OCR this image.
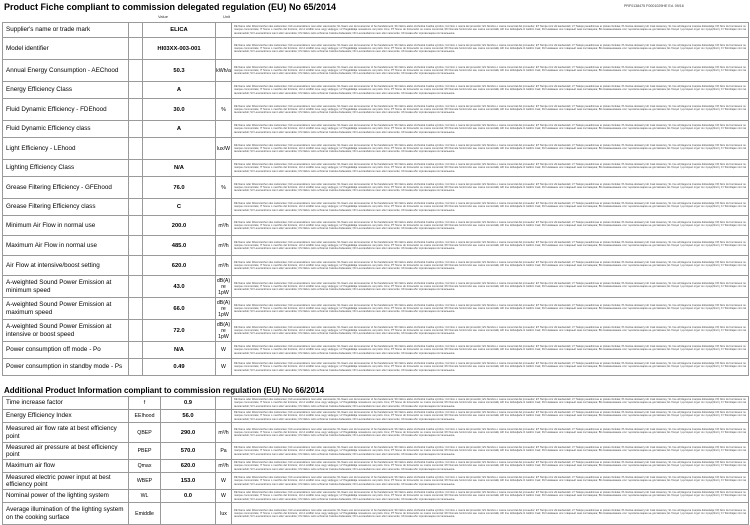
Product Fiche compliant to commission delegated regulation (EU) No 65/2014	PRF0138475 F0001029HE Ed. 09/16
Value	Unit
Supplier's name or trade mark		ELICA		DE Name oder Warenzeichen des Lieferanten; DA Leverandørens navn eller varemærke; NL Naam van de leverancier of het handelsmerk; SK Názov alebo obchodná značka výrobcu; CA Nom o marca del proveïdor; ES Nombre o marca comercial del proveedor; ET Tarnija nimi või kaubamärk; LT Tiekėjo pavadinimas ar prekės ženklas; PL Nazwa dostawcy lub znak towarowy; SL Ime ali blagovna znamka dobavitelja; FR Nom du fournisseur ou marque commerciale; IT Nome o marchio del fornitore; HU A szállító neve vagy védjegye; LV Piegādātāja nosaukums vai preču zīme; PT Nome do fornecedor ou marca comercial; RO Numele furnizorului sau marca comercială; HR Ime dobavljača ili zaštitni znak; RU Название или товарный знак поставщика; BG Наименование или търговска марка на доставчика; EL Όνομα ή εμπορικό σήμα του προμηθευτή; FI Toimittajan nimi tai tavaramerkki; SV Leverantörens namn eller varumärke; CS Název nebo ochranná známka dodavatele; NO Leverandørens navn eller varemerke; UK Назва або торгова марка постачальника.

Model identifier		HI03XX-003-001		DE Name oder Warenzeichen des Lieferanten; DA Leverandørens navn eller varemærke; NL Naam van de leverancier of het handelsmerk; SK Názov alebo obchodná značka výrobcu; CA Nom o marca del proveïdor; ES Nombre o marca comercial del proveedor; ET Tarnija nimi või kaubamärk; LT Tiekėjo pavadinimas ar prekės ženklas; PL Nazwa dostawcy lub znak towarowy; SL Ime ali blagovna znamka dobavitelja; FR Nom du fournisseur ou marque commerciale; IT Nome o marchio del fornitore; HU A szállító neve vagy védjegye; LV Piegādātāja nosaukums vai preču zīme; PT Nome do fornecedor ou marca comercial; RO Numele furnizorului sau marca comercială; HR Ime dobavljača ili zaštitni znak; RU Название или товарный знак поставщика; BG Наименование или търговска марка на доставчика; EL Όνομα ή εμπορικό σήμα του προμηθευτή; FI Toimittajan nimi tai tavaramerkki; SV Leverantörens namn eller varumärke; CS Název nebo ochranná známka dodavatele; NO Leverandørens navn eller varemerke; UK Назва або торгова марка постачальника.

Annual Energy Consumption - AEChood		50.3	kWh/a	DE Name oder Warenzeichen des Lieferanten; DA Leverandørens navn eller varemærke; NL Naam van de leverancier of het handelsmerk; SK Názov alebo obchodná značka výrobcu; CA Nom o marca del proveïdor; ES Nombre o marca comercial del proveedor; ET Tarnija nimi või kaubamärk; LT Tiekėjo pavadinimas ar prekės ženklas; PL Nazwa dostawcy lub znak towarowy; SL Ime ali blagovna znamka dobavitelja; FR Nom du fournisseur ou marque commerciale; IT Nome o marchio del fornitore; HU A szállító neve vagy védjegye; LV Piegādātāja nosaukums vai preču zīme; PT Nome do fornecedor ou marca comercial; RO Numele furnizorului sau marca comercială; HR Ime dobavljača ili zaštitni znak; RU Название или товарный знак поставщика; BG Наименование или търговска марка на доставчика; EL Όνομα ή εμπορικό σήμα του προμηθευτή; FI Toimittajan nimi tai tavaramerkki; SV Leverantörens namn eller varumärke; CS Název nebo ochranná známka dodavatele; NO Leverandørens navn eller varemerke; UK Назва або торгова марка постачальника.

Energy Efficiency Class		A		DE Name oder Warenzeichen des Lieferanten; DA Leverandørens navn eller varemærke; NL Naam van de leverancier of het handelsmerk; SK Názov alebo obchodná značka výrobcu; CA Nom o marca del proveïdor; ES Nombre o marca comercial del proveedor; ET Tarnija nimi või kaubamärk; LT Tiekėjo pavadinimas ar prekės ženklas; PL Nazwa dostawcy lub znak towarowy; SL Ime ali blagovna znamka dobavitelja; FR Nom du fournisseur ou marque commerciale; IT Nome o marchio del fornitore; HU A szállító neve vagy védjegye; LV Piegādātāja nosaukums vai preču zīme; PT Nome do fornecedor ou marca comercial; RO Numele furnizorului sau marca comercială; HR Ime dobavljača ili zaštitni znak; RU Название или товарный знак поставщика; BG Наименование или търговска марка на доставчика; EL Όνομα ή εμπορικό σήμα του προμηθευτή; FI Toimittajan nimi tai tavaramerkki; SV Leverantörens namn eller varumärke; CS Název nebo ochranná známka dodavatele; NO Leverandørens navn eller varemerke; UK Назва або торгова марка постачальника.

Fluid Dynamic Efficiency - FDEhood		30.0	%	DE Name oder Warenzeichen des Lieferanten; DA Leverandørens navn eller varemærke; NL Naam van de leverancier of het handelsmerk; SK Názov alebo obchodná značka výrobcu; CA Nom o marca del proveïdor; ES Nombre o marca comercial del proveedor; ET Tarnija nimi või kaubamärk; LT Tiekėjo pavadinimas ar prekės ženklas; PL Nazwa dostawcy lub znak towarowy; SL Ime ali blagovna znamka dobavitelja; FR Nom du fournisseur ou marque commerciale; IT Nome o marchio del fornitore; HU A szállító neve vagy védjegye; LV Piegādātāja nosaukums vai preču zīme; PT Nome do fornecedor ou marca comercial; RO Numele furnizorului sau marca comercială; HR Ime dobavljača ili zaštitni znak; RU Название или товарный знак поставщика; BG Наименование или търговска марка на доставчика; EL Όνομα ή εμπορικό σήμα του προμηθευτή; FI Toimittajan nimi tai tavaramerkki; SV Leverantörens namn eller varumärke; CS Název nebo ochranná známka dodavatele; NO Leverandørens navn eller varemerke; UK Назва або торгова марка постачальника.

Fluid Dynamic Efficiency class		A		DE Name oder Warenzeichen des Lieferanten; DA Leverandørens navn eller varemærke; NL Naam van de leverancier of het handelsmerk; SK Názov alebo obchodná značka výrobcu; CA Nom o marca del proveïdor; ES Nombre o marca comercial del proveedor; ET Tarnija nimi või kaubamärk; LT Tiekėjo pavadinimas ar prekės ženklas; PL Nazwa dostawcy lub znak towarowy; SL Ime ali blagovna znamka dobavitelja; FR Nom du fournisseur ou marque commerciale; IT Nome o marchio del fornitore; HU A szállító neve vagy védjegye; LV Piegādātāja nosaukums vai preču zīme; PT Nome do fornecedor ou marca comercial; RO Numele furnizorului sau marca comercială; HR Ime dobavljača ili zaštitni znak; RU Название или товарный знак поставщика; BG Наименование или търговска марка на доставчика; EL Όνομα ή εμπορικό σήμα του προμηθευτή; FI Toimittajan nimi tai tavaramerkki; SV Leverantörens namn eller varumärke; CS Název nebo ochranná známka dodavatele; NO Leverandørens navn eller varemerke; UK Назва або торгова марка постачальника.

Light Efficiency - LEhood			lux/W	DE Name oder Warenzeichen des Lieferanten; DA Leverandørens navn eller varemærke; NL Naam van de leverancier of het handelsmerk; SK Názov alebo obchodná značka výrobcu; CA Nom o marca del proveïdor; ES Nombre o marca comercial del proveedor; ET Tarnija nimi või kaubamärk; LT Tiekėjo pavadinimas ar prekės ženklas; PL Nazwa dostawcy lub znak towarowy; SL Ime ali blagovna znamka dobavitelja; FR Nom du fournisseur ou marque commerciale; IT Nome o marchio del fornitore; HU A szállító neve vagy védjegye; LV Piegādātāja nosaukums vai preču zīme; PT Nome do fornecedor ou marca comercial; RO Numele furnizorului sau marca comercială; HR Ime dobavljača ili zaštitni znak; RU Название или товарный знак поставщика; BG Наименование или търговска марка на доставчика; EL Όνομα ή εμπορικό σήμα του προμηθευτή; FI Toimittajan nimi tai tavaramerkki; SV Leverantörens namn eller varumärke; CS Název nebo ochranná známka dodavatele; NO Leverandørens navn eller varemerke; UK Назва або торгова марка постачальника.

Lighting Efficiency Class		N/A		DE Name oder Warenzeichen des Lieferanten; DA Leverandørens navn eller varemærke; NL Naam van de leverancier of het handelsmerk; SK Názov alebo obchodná značka výrobcu; CA Nom o marca del proveïdor; ES Nombre o marca comercial del proveedor; ET Tarnija nimi või kaubamärk; LT Tiekėjo pavadinimas ar prekės ženklas; PL Nazwa dostawcy lub znak towarowy; SL Ime ali blagovna znamka dobavitelja; FR Nom du fournisseur ou marque commerciale; IT Nome o marchio del fornitore; HU A szállító neve vagy védjegye; LV Piegādātāja nosaukums vai preču zīme; PT Nome do fornecedor ou marca comercial; RO Numele furnizorului sau marca comercială; HR Ime dobavljača ili zaštitni znak; RU Название или товарный знак поставщика; BG Наименование или търговска марка на доставчика; EL Όνομα ή εμπορικό σήμα του προμηθευτή; FI Toimittajan nimi tai tavaramerkki; SV Leverantörens namn eller varumärke; CS Název nebo ochranná známka dodavatele; NO Leverandørens navn eller varemerke; UK Назва або торгова марка постачальника.

Grease Filtering Efficiency - GFEhood		76.0	%	DE Name oder Warenzeichen des Lieferanten; DA Leverandørens navn eller varemærke; NL Naam van de leverancier of het handelsmerk; SK Názov alebo obchodná značka výrobcu; CA Nom o marca del proveïdor; ES Nombre o marca comercial del proveedor; ET Tarnija nimi või kaubamärk; LT Tiekėjo pavadinimas ar prekės ženklas; PL Nazwa dostawcy lub znak towarowy; SL Ime ali blagovna znamka dobavitelja; FR Nom du fournisseur ou marque commerciale; IT Nome o marchio del fornitore; HU A szállító neve vagy védjegye; LV Piegādātāja nosaukums vai preču zīme; PT Nome do fornecedor ou marca comercial; RO Numele furnizorului sau marca comercială; HR Ime dobavljača ili zaštitni znak; RU Название или товарный знак поставщика; BG Наименование или търговска марка на доставчика; EL Όνομα ή εμπορικό σήμα του προμηθευτή; FI Toimittajan nimi tai tavaramerkki; SV Leverantörens namn eller varumärke; CS Název nebo ochranná známka dodavatele; NO Leverandørens navn eller varemerke; UK Назва або торгова марка постачальника.

Grease Filtering Efficiency class		C		DE Name oder Warenzeichen des Lieferanten; DA Leverandørens navn eller varemærke; NL Naam van de leverancier of het handelsmerk; SK Názov alebo obchodná značka výrobcu; CA Nom o marca del proveïdor; ES Nombre o marca comercial del proveedor; ET Tarnija nimi või kaubamärk; LT Tiekėjo pavadinimas ar prekės ženklas; PL Nazwa dostawcy lub znak towarowy; SL Ime ali blagovna znamka dobavitelja; FR Nom du fournisseur ou marque commerciale; IT Nome o marchio del fornitore; HU A szállító neve vagy védjegye; LV Piegādātāja nosaukums vai preču zīme; PT Nome do fornecedor ou marca comercial; RO Numele furnizorului sau marca comercială; HR Ime dobavljača ili zaštitni znak; RU Название или товарный знак поставщика; BG Наименование или търговска марка на доставчика; EL Όνομα ή εμπορικό σήμα του προμηθευτή; FI Toimittajan nimi tai tavaramerkki; SV Leverantörens namn eller varumärke; CS Název nebo ochranná známka dodavatele; NO Leverandørens navn eller varemerke; UK Назва або торгова марка постачальника.

Minimum Air Flow in normal use		200.0	m³/h	DE Name oder Warenzeichen des Lieferanten; DA Leverandørens navn eller varemærke; NL Naam van de leverancier of het handelsmerk; SK Názov alebo obchodná značka výrobcu; CA Nom o marca del proveïdor; ES Nombre o marca comercial del proveedor; ET Tarnija nimi või kaubamärk; LT Tiekėjo pavadinimas ar prekės ženklas; PL Nazwa dostawcy lub znak towarowy; SL Ime ali blagovna znamka dobavitelja; FR Nom du fournisseur ou marque commerciale; IT Nome o marchio del fornitore; HU A szállító neve vagy védjegye; LV Piegādātāja nosaukums vai preču zīme; PT Nome do fornecedor ou marca comercial; RO Numele furnizorului sau marca comercială; HR Ime dobavljača ili zaštitni znak; RU Название или товарный знак поставщика; BG Наименование или търговска марка на доставчика; EL Όνομα ή εμπορικό σήμα του προμηθευτή; FI Toimittajan nimi tai tavaramerkki; SV Leverantörens namn eller varumärke; CS Název nebo ochranná známka dodavatele; NO Leverandørens navn eller varemerke; UK Назва або торгова марка постачальника.

Maximum Air Flow in normal use		485.0	m³/h	DE Name oder Warenzeichen des Lieferanten; DA Leverandørens navn eller varemærke; NL Naam van de leverancier of het handelsmerk; SK Názov alebo obchodná značka výrobcu; CA Nom o marca del proveïdor; ES Nombre o marca comercial del proveedor; ET Tarnija nimi või kaubamärk; LT Tiekėjo pavadinimas ar prekės ženklas; PL Nazwa dostawcy lub znak towarowy; SL Ime ali blagovna znamka dobavitelja; FR Nom du fournisseur ou marque commerciale; IT Nome o marchio del fornitore; HU A szállító neve vagy védjegye; LV Piegādātāja nosaukums vai preču zīme; PT Nome do fornecedor ou marca comercial; RO Numele furnizorului sau marca comercială; HR Ime dobavljača ili zaštitni znak; RU Название или товарный знак поставщика; BG Наименование или търговска марка на доставчика; EL Όνομα ή εμπορικό σήμα του προμηθευτή; FI Toimittajan nimi tai tavaramerkki; SV Leverantörens namn eller varumärke; CS Název nebo ochranná známka dodavatele; NO Leverandørens navn eller varemerke; UK Назва або торгова марка постачальника.

Air Flow at intensive/boost setting		620.0	m³/h	DE Name oder Warenzeichen des Lieferanten; DA Leverandørens navn eller varemærke; NL Naam van de leverancier of het handelsmerk; SK Názov alebo obchodná značka výrobcu; CA Nom o marca del proveïdor; ES Nombre o marca comercial del proveedor; ET Tarnija nimi või kaubamärk; LT Tiekėjo pavadinimas ar prekės ženklas; PL Nazwa dostawcy lub znak towarowy; SL Ime ali blagovna znamka dobavitelja; FR Nom du fournisseur ou marque commerciale; IT Nome o marchio del fornitore; HU A szállító neve vagy védjegye; LV Piegādātāja nosaukums vai preču zīme; PT Nome do fornecedor ou marca comercial; RO Numele furnizorului sau marca comercială; HR Ime dobavljača ili zaštitni znak; RU Название или товарный знак поставщика; BG Наименование или търговска марка на доставчика; EL Όνομα ή εμπορικό σήμα του προμηθευτή; FI Toimittajan nimi tai tavaramerkki; SV Leverantörens namn eller varumärke; CS Název nebo ochranná známka dodavatele; NO Leverandørens navn eller varemerke; UK Назва або торгова марка постачальника.

A-weighted Sound Power Emission at minimum speed		43.0	dB(A) re 1pW	DE Name oder Warenzeichen des Lieferanten; DA Leverandørens navn eller varemærke; NL Naam van de leverancier of het handelsmerk; SK Názov alebo obchodná značka výrobcu; CA Nom o marca del proveïdor; ES Nombre o marca comercial del proveedor; ET Tarnija nimi või kaubamärk; LT Tiekėjo pavadinimas ar prekės ženklas; PL Nazwa dostawcy lub znak towarowy; SL Ime ali blagovna znamka dobavitelja; FR Nom du fournisseur ou marque commerciale; IT Nome o marchio del fornitore; HU A szállító neve vagy védjegye; LV Piegādātāja nosaukums vai preču zīme; PT Nome do fornecedor ou marca comercial; RO Numele furnizorului sau marca comercială; HR Ime dobavljača ili zaštitni znak; RU Название или товарный знак поставщика; BG Наименование или търговска марка на доставчика; EL Όνομα ή εμπορικό σήμα του προμηθευτή; FI Toimittajan nimi tai tavaramerkki; SV Leverantörens namn eller varumärke; CS Název nebo ochranná známka dodavatele; NO Leverandørens navn eller varemerke; UK Назва або торгова марка постачальника.

A-weighted Sound Power Emission at maximum speed		66.0	dB(A) re 1pW	DE Name oder Warenzeichen des Lieferanten; DA Leverandørens navn eller varemærke; NL Naam van de leverancier of het handelsmerk; SK Názov alebo obchodná značka výrobcu; CA Nom o marca del proveïdor; ES Nombre o marca comercial del proveedor; ET Tarnija nimi või kaubamärk; LT Tiekėjo pavadinimas ar prekės ženklas; PL Nazwa dostawcy lub znak towarowy; SL Ime ali blagovna znamka dobavitelja; FR Nom du fournisseur ou marque commerciale; IT Nome o marchio del fornitore; HU A szállító neve vagy védjegye; LV Piegādātāja nosaukums vai preču zīme; PT Nome do fornecedor ou marca comercial; RO Numele furnizorului sau marca comercială; HR Ime dobavljača ili zaštitni znak; RU Название или товарный знак поставщика; BG Наименование или търговска марка на доставчика; EL Όνομα ή εμπορικό σήμα του προμηθευτή; FI Toimittajan nimi tai tavaramerkki; SV Leverantörens namn eller varumärke; CS Název nebo ochranná známka dodavatele; NO Leverandørens navn eller varemerke; UK Назва або торгова марка постачальника.

A-weighted Sound Power Emission at intensive or boost speed		72.0	dB(A) re 1pW	DE Name oder Warenzeichen des Lieferanten; DA Leverandørens navn eller varemærke; NL Naam van de leverancier of het handelsmerk; SK Názov alebo obchodná značka výrobcu; CA Nom o marca del proveïdor; ES Nombre o marca comercial del proveedor; ET Tarnija nimi või kaubamärk; LT Tiekėjo pavadinimas ar prekės ženklas; PL Nazwa dostawcy lub znak towarowy; SL Ime ali blagovna znamka dobavitelja; FR Nom du fournisseur ou marque commerciale; IT Nome o marchio del fornitore; HU A szállító neve vagy védjegye; LV Piegādātāja nosaukums vai preču zīme; PT Nome do fornecedor ou marca comercial; RO Numele furnizorului sau marca comercială; HR Ime dobavljača ili zaštitni znak; RU Название или товарный знак поставщика; BG Наименование или търговска марка на доставчика; EL Όνομα ή εμπορικό σήμα του προμηθευτή; FI Toimittajan nimi tai tavaramerkki; SV Leverantörens namn eller varumärke; CS Název nebo ochranná známka dodavatele; NO Leverandørens navn eller varemerke; UK Назва або торгова марка постачальника.

Power consumption off mode - Po		N/A	W	DE Name oder Warenzeichen des Lieferanten; DA Leverandørens navn eller varemærke; NL Naam van de leverancier of het handelsmerk; SK Názov alebo obchodná značka výrobcu; CA Nom o marca del proveïdor; ES Nombre o marca comercial del proveedor; ET Tarnija nimi või kaubamärk; LT Tiekėjo pavadinimas ar prekės ženklas; PL Nazwa dostawcy lub znak towarowy; SL Ime ali blagovna znamka dobavitelja; FR Nom du fournisseur ou marque commerciale; IT Nome o marchio del fornitore; HU A szállító neve vagy védjegye; LV Piegādātāja nosaukums vai preču zīme; PT Nome do fornecedor ou marca comercial; RO Numele furnizorului sau marca comercială; HR Ime dobavljača ili zaštitni znak; RU Название или товарный знак поставщика; BG Наименование или търговска марка на доставчика; EL Όνομα ή εμπορικό σήμα του προμηθευτή; FI Toimittajan nimi tai tavaramerkki; SV Leverantörens namn eller varumärke; CS Název nebo ochranná známka dodavatele; NO Leverandørens navn eller varemerke; UK Назва або торгова марка постачальника.

Power consumption in standby mode - Ps		0.49	W	DE Name oder Warenzeichen des Lieferanten; DA Leverandørens navn eller varemærke; NL Naam van de leverancier of het handelsmerk; SK Názov alebo obchodná značka výrobcu; CA Nom o marca del proveïdor; ES Nombre o marca comercial del proveedor; ET Tarnija nimi või kaubamärk; LT Tiekėjo pavadinimas ar prekės ženklas; PL Nazwa dostawcy lub znak towarowy; SL Ime ali blagovna znamka dobavitelja; FR Nom du fournisseur ou marque commerciale; IT Nome o marchio del fornitore; HU A szállító neve vagy védjegye; LV Piegādātāja nosaukums vai preču zīme; PT Nome do fornecedor ou marca comercial; RO Numele furnizorului sau marca comercială; HR Ime dobavljača ili zaštitni znak; RU Название или товарный знак поставщика; BG Наименование или търговска марка на доставчика; EL Όνομα ή εμπορικό σήμα του προμηθευτή; FI Toimittajan nimi tai tavaramerkki; SV Leverantörens namn eller varumärke; CS Název nebo ochranná známka dodavatele; NO Leverandørens navn eller varemerke; UK Назва або торгова марка постачальника.
Additional Product Information compliant to commission regulation (EU) No 66/2014
Time increase factor	f	0.9		DE Name oder Warenzeichen des Lieferanten; DA Leverandørens navn eller varemærke; NL Naam van de leverancier of het handelsmerk; SK Názov alebo obchodná značka výrobcu; CA Nom o marca del proveïdor; ES Nombre o marca comercial del proveedor; ET Tarnija nimi või kaubamärk; LT Tiekėjo pavadinimas ar prekės ženklas; PL Nazwa dostawcy lub znak towarowy; SL Ime ali blagovna znamka dobavitelja; FR Nom du fournisseur ou marque commerciale; IT Nome o marchio del fornitore; HU A szállító neve vagy védjegye; LV Piegādātāja nosaukums vai preču zīme; PT Nome do fornecedor ou marca comercial; RO Numele furnizorului sau marca comercială; HR Ime dobavljača ili zaštitni znak; RU Название или товарный знак поставщика; BG Наименование или търговска марка на доставчика; EL Όνομα ή εμπορικό σήμα του προμηθευτή; FI Toimittajan nimi tai tavaramerkki; SV Leverantörens namn eller varumärke; CS Název nebo ochranná známka dodavatele; NO Leverandørens navn eller varemerke; UK Назва або торгова марка постачальника.

Energy Efficiency Index	EEIhood	56.0		DE Name oder Warenzeichen des Lieferanten; DA Leverandørens navn eller varemærke; NL Naam van de leverancier of het handelsmerk; SK Názov alebo obchodná značka výrobcu; CA Nom o marca del proveïdor; ES Nombre o marca comercial del proveedor; ET Tarnija nimi või kaubamärk; LT Tiekėjo pavadinimas ar prekės ženklas; PL Nazwa dostawcy lub znak towarowy; SL Ime ali blagovna znamka dobavitelja; FR Nom du fournisseur ou marque commerciale; IT Nome o marchio del fornitore; HU A szállító neve vagy védjegye; LV Piegādātāja nosaukums vai preču zīme; PT Nome do fornecedor ou marca comercial; RO Numele furnizorului sau marca comercială; HR Ime dobavljača ili zaštitni znak; RU Название или товарный знак поставщика; BG Наименование или търговска марка на доставчика; EL Όνομα ή εμπορικό σήμα του προμηθευτή; FI Toimittajan nimi tai tavaramerkki; SV Leverantörens namn eller varumärke; CS Název nebo ochranná známka dodavatele; NO Leverandørens navn eller varemerke; UK Назва або торгова марка постачальника.

Measured air flow rate at best efficiency point	QBEP	290.0	m³/h	DE Name oder Warenzeichen des Lieferanten; DA Leverandørens navn eller varemærke; NL Naam van de leverancier of het handelsmerk; SK Názov alebo obchodná značka výrobcu; CA Nom o marca del proveïdor; ES Nombre o marca comercial del proveedor; ET Tarnija nimi või kaubamärk; LT Tiekėjo pavadinimas ar prekės ženklas; PL Nazwa dostawcy lub znak towarowy; SL Ime ali blagovna znamka dobavitelja; FR Nom du fournisseur ou marque commerciale; IT Nome o marchio del fornitore; HU A szállító neve vagy védjegye; LV Piegādātāja nosaukums vai preču zīme; PT Nome do fornecedor ou marca comercial; RO Numele furnizorului sau marca comercială; HR Ime dobavljača ili zaštitni znak; RU Название или товарный знак поставщика; BG Наименование или търговска марка на доставчика; EL Όνομα ή εμπορικό σήμα του προμηθευτή; FI Toimittajan nimi tai tavaramerkki; SV Leverantörens namn eller varumärke; CS Název nebo ochranná známka dodavatele; NO Leverandørens navn eller varemerke; UK Назва або торгова марка постачальника.

Measured air pressure at best efficiency point	PBEP	570.0	Pa	DE Name oder Warenzeichen des Lieferanten; DA Leverandørens navn eller varemærke; NL Naam van de leverancier of het handelsmerk; SK Názov alebo obchodná značka výrobcu; CA Nom o marca del proveïdor; ES Nombre o marca comercial del proveedor; ET Tarnija nimi või kaubamärk; LT Tiekėjo pavadinimas ar prekės ženklas; PL Nazwa dostawcy lub znak towarowy; SL Ime ali blagovna znamka dobavitelja; FR Nom du fournisseur ou marque commerciale; IT Nome o marchio del fornitore; HU A szállító neve vagy védjegye; LV Piegādātāja nosaukums vai preču zīme; PT Nome do fornecedor ou marca comercial; RO Numele furnizorului sau marca comercială; HR Ime dobavljača ili zaštitni znak; RU Название или товарный знак поставщика; BG Наименование или търговска марка на доставчика; EL Όνομα ή εμπορικό σήμα του προμηθευτή; FI Toimittajan nimi tai tavaramerkki; SV Leverantörens namn eller varumärke; CS Název nebo ochranná známka dodavatele; NO Leverandørens navn eller varemerke; UK Назва або торгова марка постачальника.

Maximum air flow	Qmax	620.0	m³/h	DE Name oder Warenzeichen des Lieferanten; DA Leverandørens navn eller varemærke; NL Naam van de leverancier of het handelsmerk; SK Názov alebo obchodná značka výrobcu; CA Nom o marca del proveïdor; ES Nombre o marca comercial del proveedor; ET Tarnija nimi või kaubamärk; LT Tiekėjo pavadinimas ar prekės ženklas; PL Nazwa dostawcy lub znak towarowy; SL Ime ali blagovna znamka dobavitelja; FR Nom du fournisseur ou marque commerciale; IT Nome o marchio del fornitore; HU A szállító neve vagy védjegye; LV Piegādātāja nosaukums vai preču zīme; PT Nome do fornecedor ou marca comercial; RO Numele furnizorului sau marca comercială; HR Ime dobavljača ili zaštitni znak; RU Название или товарный знак поставщика; BG Наименование или търговска марка на доставчика; EL Όνομα ή εμπορικό σήμα του προμηθευτή; FI Toimittajan nimi tai tavaramerkki; SV Leverantörens namn eller varumärke; CS Název nebo ochranná známka dodavatele; NO Leverandørens navn eller varemerke; UK Назва або торгова марка постачальника.

Measured electric power input at best efficiency point	WBEP	153.0	W	DE Name oder Warenzeichen des Lieferanten; DA Leverandørens navn eller varemærke; NL Naam van de leverancier of het handelsmerk; SK Názov alebo obchodná značka výrobcu; CA Nom o marca del proveïdor; ES Nombre o marca comercial del proveedor; ET Tarnija nimi või kaubamärk; LT Tiekėjo pavadinimas ar prekės ženklas; PL Nazwa dostawcy lub znak towarowy; SL Ime ali blagovna znamka dobavitelja; FR Nom du fournisseur ou marque commerciale; IT Nome o marchio del fornitore; HU A szállító neve vagy védjegye; LV Piegādātāja nosaukums vai preču zīme; PT Nome do fornecedor ou marca comercial; RO Numele furnizorului sau marca comercială; HR Ime dobavljača ili zaštitni znak; RU Название или товарный знак поставщика; BG Наименование или търговска марка на доставчика; EL Όνομα ή εμπορικό σήμα του προμηθευτή; FI Toimittajan nimi tai tavaramerkki; SV Leverantörens namn eller varumärke; CS Název nebo ochranná známka dodavatele; NO Leverandørens navn eller varemerke; UK Назва або торгова марка постачальника.

Nominal power of the lighting system	WL	0.0	W	DE Name oder Warenzeichen des Lieferanten; DA Leverandørens navn eller varemærke; NL Naam van de leverancier of het handelsmerk; SK Názov alebo obchodná značka výrobcu; CA Nom o marca del proveïdor; ES Nombre o marca comercial del proveedor; ET Tarnija nimi või kaubamärk; LT Tiekėjo pavadinimas ar prekės ženklas; PL Nazwa dostawcy lub znak towarowy; SL Ime ali blagovna znamka dobavitelja; FR Nom du fournisseur ou marque commerciale; IT Nome o marchio del fornitore; HU A szállító neve vagy védjegye; LV Piegādātāja nosaukums vai preču zīme; PT Nome do fornecedor ou marca comercial; RO Numele furnizorului sau marca comercială; HR Ime dobavljača ili zaštitni znak; RU Название или товарный знак поставщика; BG Наименование или търговска марка на доставчика; EL Όνομα ή εμπορικό σήμα του προμηθευτή; FI Toimittajan nimi tai tavaramerkki; SV Leverantörens namn eller varumärke; CS Název nebo ochranná známka dodavatele; NO Leverandørens navn eller varemerke; UK Назва або торгова марка постачальника.

Average illumination of the lighting system on the cooking surface	Emiddle		lux	DE Name oder Warenzeichen des Lieferanten; DA Leverandørens navn eller varemærke; NL Naam van de leverancier of het handelsmerk; SK Názov alebo obchodná značka výrobcu; CA Nom o marca del proveïdor; ES Nombre o marca comercial del proveedor; ET Tarnija nimi või kaubamärk; LT Tiekėjo pavadinimas ar prekės ženklas; PL Nazwa dostawcy lub znak towarowy; SL Ime ali blagovna znamka dobavitelja; FR Nom du fournisseur ou marque commerciale; IT Nome o marchio del fornitore; HU A szállító neve vagy védjegye; LV Piegādātāja nosaukums vai preču zīme; PT Nome do fornecedor ou marca comercial; RO Numele furnizorului sau marca comercială; HR Ime dobavljača ili zaštitni znak; RU Название или товарный знак поставщика; BG Наименование или търговска марка на доставчика; EL Όνομα ή εμπορικό σήμα του προμηθευτή; FI Toimittajan nimi tai tavaramerkki; SV Leverantörens namn eller varumärke; CS Název nebo ochranná známka dodavatele; NO Leverandørens navn eller varemerke; UK Назва або торгова марка постачальника.
